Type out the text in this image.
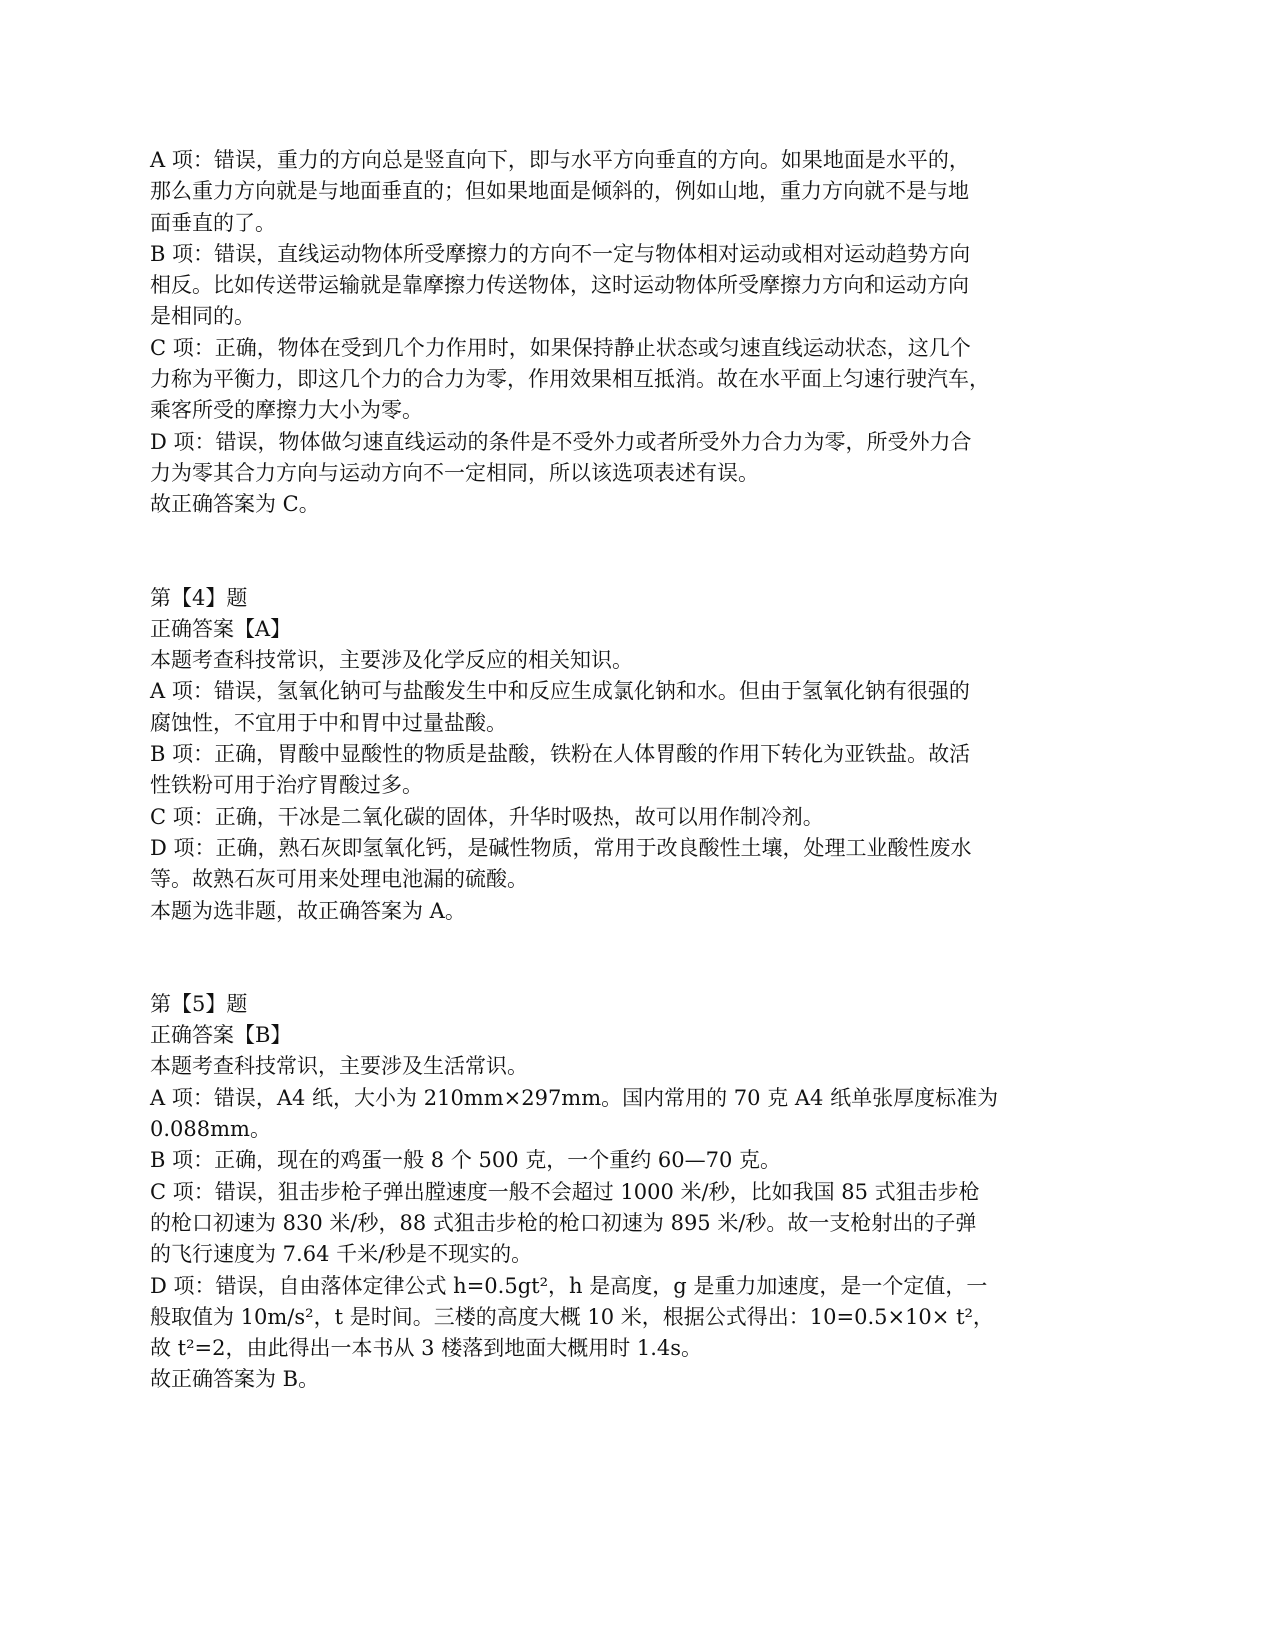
A 项：错误，重力的方向总是竖直向下，即与水平方向垂直的方向。如果地面是水平的，
那么重力方向就是与地面垂直的；但如果地面是倾斜的，例如山地，重力方向就不是与地
面垂直的了。
B 项：错误，直线运动物体所受摩擦力的方向不一定与物体相对运动或相对运动趋势方向
相反。比如传送带运输就是靠摩擦力传送物体，这时运动物体所受摩擦力方向和运动方向
是相同的。
C 项：正确，物体在受到几个力作用时，如果保持静止状态或匀速直线运动状态，这几个
力称为平衡力，即这几个力的合力为零，作用效果相互抵消。故在水平面上匀速行驶汽车，
乘客所受的摩擦力大小为零。
D 项：错误，物体做匀速直线运动的条件是不受外力或者所受外力合力为零，所受外力合
力为零其合力方向与运动方向不一定相同，所以该选项表述有误。
故正确答案为 C。
第【4】题
正确答案【A】
本题考查科技常识，主要涉及化学反应的相关知识。
A 项：错误，氢氧化钠可与盐酸发生中和反应生成氯化钠和水。但由于氢氧化钠有很强的
腐蚀性，不宜用于中和胃中过量盐酸。
B 项：正确，胃酸中显酸性的物质是盐酸，铁粉在人体胃酸的作用下转化为亚铁盐。故活
性铁粉可用于治疗胃酸过多。
C 项：正确，干冰是二氧化碳的固体，升华时吸热，故可以用作制冷剂。
D 项：正确，熟石灰即氢氧化钙，是碱性物质，常用于改良酸性土壤，处理工业酸性废水
等。故熟石灰可用来处理电池漏的硫酸。
本题为选非题，故正确答案为 A。
第【5】题
正确答案【B】
本题考查科技常识，主要涉及生活常识。
A 项：错误，A4 纸，大小为 210mm×297mm。国内常用的 70 克 A4 纸单张厚度标准为
0.088mm。
B 项：正确，现在的鸡蛋一般 8 个 500 克，一个重约 60—70 克。
C 项：错误，狙击步枪子弹出膛速度一般不会超过 1000 米/秒，比如我国 85 式狙击步枪
的枪口初速为 830 米/秒，88 式狙击步枪的枪口初速为 895 米/秒。故一支枪射出的子弹
的飞行速度为 7.64 千米/秒是不现实的。
D 项：错误，自由落体定律公式 h=0.5gt²，h 是高度，g 是重力加速度，是一个定值，一
般取值为 10m/s²，t 是时间。三楼的高度大概 10 米，根据公式得出：10=0.5×10× t²，
故 t²=2，由此得出一本书从 3 楼落到地面大概用时 1.4s。
故正确答案为 B。
